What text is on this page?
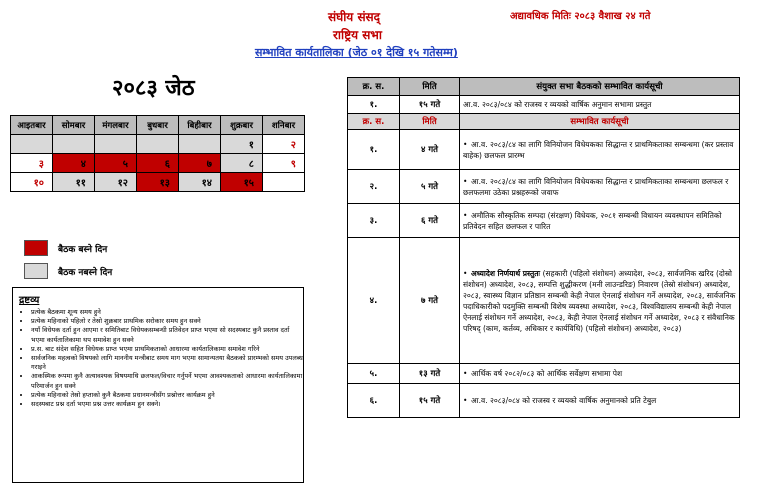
संघीय संसद्
राष्ट्रिय सभा
अद्यावधिक मितिः २०८३ वैशाख २४ गते
सम्भावित कार्यतालिका (जेठ ०१ देखि १५ गतेसम्म)
२०८३ जेठ
आइतबार	सोमबार	मंगलबार	बुधबार	बिहीबार	शुक्रबार	शनिबार
					१	२
३	४	५	६	७	८	९
१०	११	१२	१३	१४	१५	
बैठक बस्ने दिन
बैठक नबस्ने दिन
द्रष्टव्य
• प्रत्येक बैठकमा शून्य समय हुने
• प्रत्येक महिनाको पहिलो र तेस्रो शुक्रबार प्राथमिक सरोकार समय हुन सक्ने
• नयाँ विधेयक दर्ता हुन आएमा र समितिबाट विधेयकसम्बन्धी प्रतिवेदन प्राप्त भएमा सो सदस्यबाट कुनै प्रस्ताव दर्ता भएमा कार्यतालिकामा थप समावेश हुन सक्ने
• प्र.स. बाट संदेश सहित विधेयक प्राप्त भएमा प्राथमिकताको आधारमा कार्यतालिकामा समावेश गरिने
• सार्वजनिक महत्वको विषयको लागि माननीय मन्त्रीबाट समय माग भएमा सामान्यतया बैठकको प्रारम्भको समय उपलब्ध गराइने
• आकस्मिक रूपमा कुनै अत्यावश्यक विषयमाथि छलफल/विचार गर्नुपर्ने भएमा आवश्यकताको आधारमा कार्यतालिकामा परिमार्जन हुन सक्ने
• प्रत्येक महिनाको तेस्रो हप्ताको कुनै बैठकमा प्रधानमन्त्रीसँग प्रश्नोत्तर कार्यक्रम हुने
• सदस्यबाट प्रश्न दर्ता भएमा प्रश्न उत्तर कार्यक्रम हुन सक्ने।
क्र. स.	मिति	संयुक्त सभा बैठकको सम्भावित कार्यसूची
१.	१५ गते	आ.व. २०८३/०८४ को राजस्व र व्ययको वार्षिक अनुमान सभामा प्रस्तुत
क्र. स.	मिति	सम्भावित कार्यसूची
१.	४ गते	• आ.व. २०८३/८४ का लागि विनियोजन विधेयकका सिद्धान्त र प्राथमिकताका सम्बन्धमा (कर प्रस्ताव बाहेक) छलफल प्रारम्भ
२.	५ गते	• आ.व. २०८३/८४ का लागि विनियोजन विधेयकका सिद्धान्त र प्राथमिकताका सम्बन्धमा छलफल र छलफलमा उठेका प्रश्नहरूको जवाफ
३.	६ गते	• अमौतिक सौस्कृतिक सम्पदा (संरक्षण) विधेयक, २०८१ सम्बन्धी विधायन व्यवस्थापन समितिको प्रतिवेदन सहित छलफल र पारित
४.	७ गते	• अध्यादेश निर्णयार्थ प्रस्तुतः (सहकारी (पहिलो संशोधन) अध्यादेश, २०८३, सार्वजनिक खरिद (दोस्रो संशोधन) अध्यादेश, २०८३, सम्पत्ति शुद्धीकरण (मनी लाउन्डरिङ) निवारण (तेस्रो संशोधन) अध्यादेश, २०८३, स्वास्थ्य विज्ञान प्रतिष्ठान सम्बन्धी केही नेपाल ऐनलाई संशोधन गर्ने अध्यादेश, २०८३, सार्वजनिक पदाधिकारीको पदमुक्ति सम्बन्धी विशेष व्यवस्था अध्यादेश, २०८३, विश्वविद्यालय सम्बन्धी केही नेपाल ऐनलाई संशोधन गर्ने अध्यादेश, २०८३, केही नेपाल ऐनलाई संशोधन गर्ने अध्यादेश, २०८३ र संवैधानिक परिषद् (काम, कर्तव्य, अधिकार र कार्यविधि) (पहिलो संशोधन) अध्यादेश, २०८३)
५.	१३ गते	• आर्थिक वर्ष २०८२/०८३ को आर्थिक सर्वेक्षण सभामा पेश
६.	१५ गते	• आ.व. २०८३/०८४ को राजस्व र व्ययको वार्षिक अनुमानको प्रति टेबुल
